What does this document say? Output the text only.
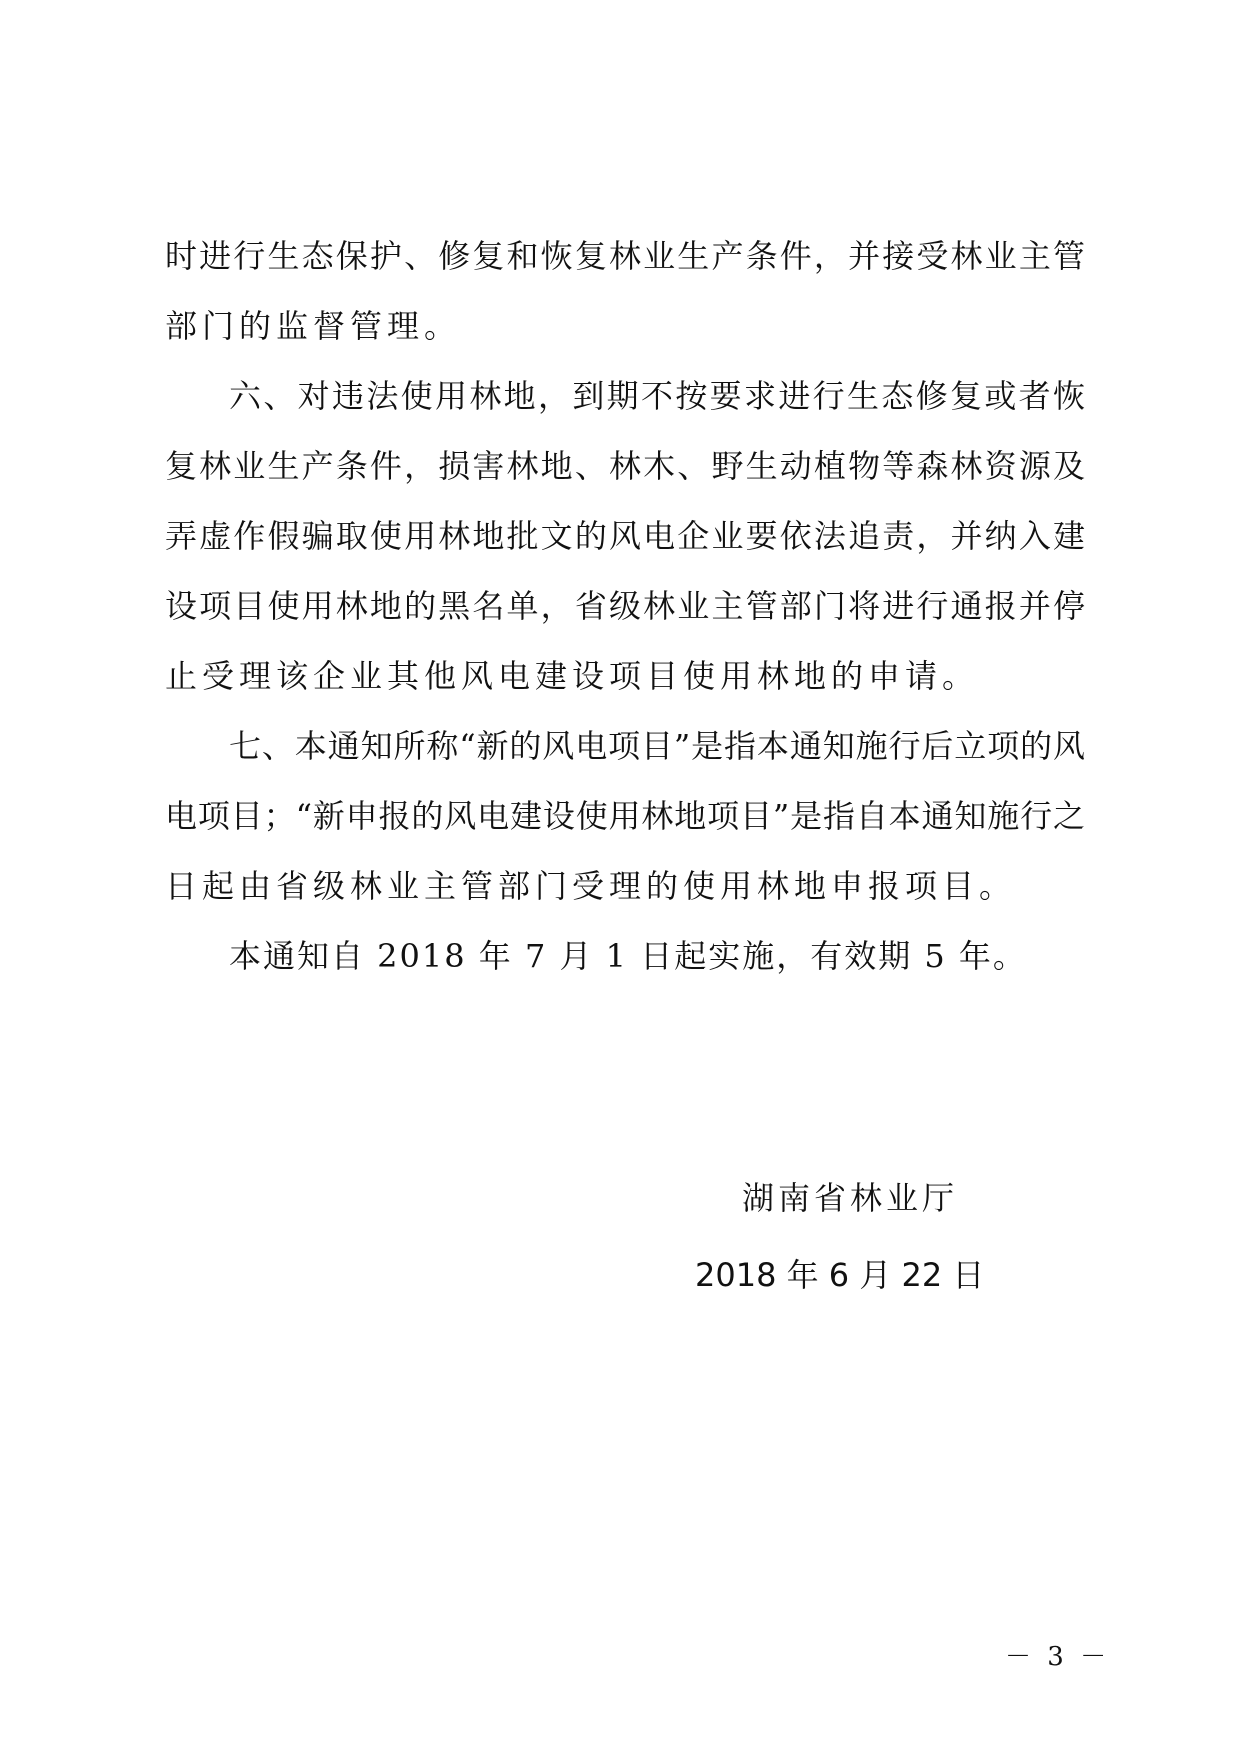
时进行生态保护、修复和恢复林业生产条件，并接受林业主管
部门的监督管理。
六、对违法使用林地，到期不按要求进行生态修复或者恢
复林业生产条件，损害林地、林木、野生动植物等森林资源及
弄虚作假骗取使用林地批文的风电企业要依法追责，并纳入建
设项目使用林地的黑名单，省级林业主管部门将进行通报并停
止受理该企业其他风电建设项目使用林地的申请。
七、本通知所称“新的风电项目”是指本通知施行后立项的风
电项目；“新申报的风电建设使用林地项目”是指自本通知施行之
日起由省级林业主管部门受理的使用林地申报项目。
本通知自 2018 年 7 月 1 日起实施，有效期 5 年。
湖南省林业厅
2018 年 6 月 22 日
－ 3 －
